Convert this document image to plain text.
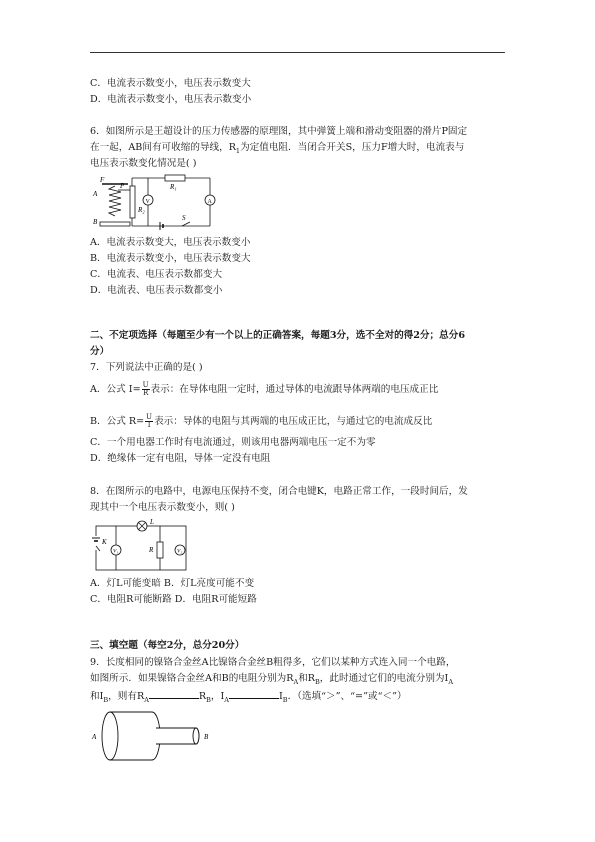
C．电流表示数变小，电压表示数变大
D．电流表示数变小，电压表示数变小
6．如图所示是王超设计的压力传感器的原理图，其中弹簧上端和滑动变阻器的滑片P固定
在一起，AB间有可收缩的导线，$R_1$为定值电阻．当闭合开关S，压力F增大时，电流表与
电压表示数变化情况是( )
F
A
B
P
R₂
R₁
A
V
S
A．电流表示数变大，电压表示数变小
B．电流表示数变小，电压表示数变大
C．电流表、电压表示数都变大
D．电流表、电压表示数都变小
二、不定项选择（每题至少有一个以上的正确答案，每题3分，选不全对的得2分；总分6
分）
7．下列说法中正确的是( )
A．公式 $I= \frac{U}{R}$ 表示：在导体电阻一定时，通过导体的电流跟导体两端的电压成正比
B．公式 $R= \frac{U}{I}$ 表示：导体的电阻与其两端的电压成正比，与通过它的电流成反比
C．一个用电器工作时有电流通过，则该用电器两端电压一定不为零
D．绝缘体一定有电阻，导体一定没有电阻
8．在图所示的电路中，电源电压保持不变，闭合电键K，电路正常工作，一段时间后，发
现其中一个电压表示数变小，则( )
L
K
V₁	R	V₂
A．灯L可能变暗 B．灯L亮度可能不变
C．电阻R可能断路 D．电阻R可能短路
三、填空题（每空2分，总分20分）
9．长度相同的镍铬合金丝A比镍铬合金丝B粗得多，它们以某种方式连入同一个电路，
如图所示．如果镍铬合金丝A和B的电阻分别为$R_A$和$R_B$，此时通过它们的电流分别为$I_A$
和$I_B$，则有$R_A$	$R_B$，$I_A$	$I_B$．（选填“＞”、“=”或“＜”）
A	B
